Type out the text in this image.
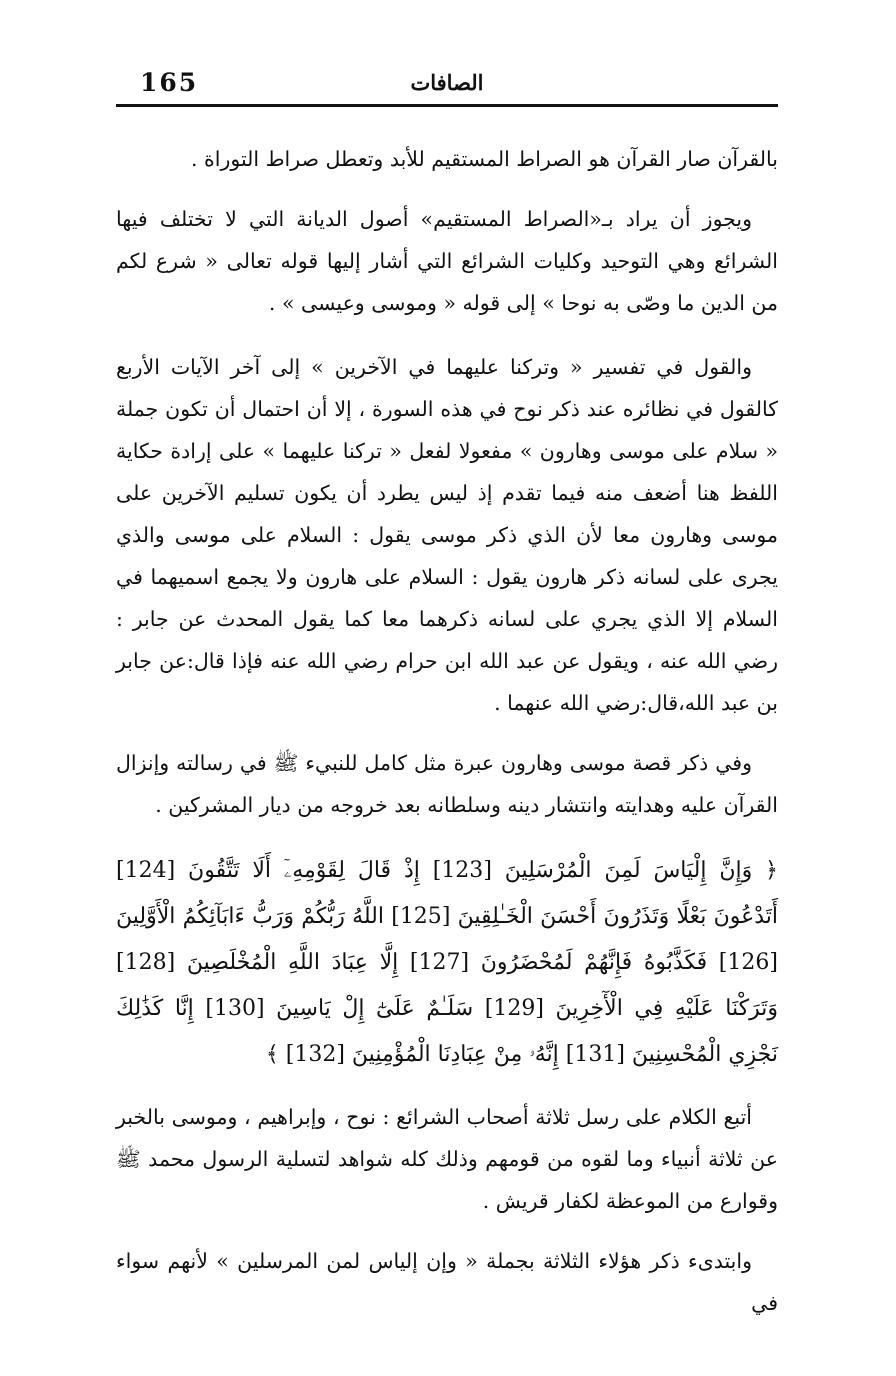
165	الصافات

بالقرآن صار القرآن هو الصراط المستقيم للأبد وتعطل صراط التوراة .

ويجوز أن يراد بـ«الصراط المستقيم» أصول الديانة التي لا تختلف فيها الشرائع وهي التوحيد وكليات الشرائع التي أشار إليها قوله تعالى « شرع لكم من الدين ما وصّى به نوحا » إلى قوله « وموسى وعيسى » .

والقول في تفسير « وتركنا عليهما في الآخرين » إلى آخر الآيات الأربع كالقول في نظائره عند ذكر نوح في هذه السورة ، إلا أن احتمال أن تكون جملة « سلام على موسى وهارون » مفعولا لفعل « تركنا عليهما » على إرادة حكاية اللفظ هنا أضعف منه فيما تقدم إذ ليس يطرد أن يكون تسليم الآخرين على موسى وهارون معا لأن الذي ذكر موسى يقول : السلام على موسى والذي يجرى على لسانه ذكر هارون يقول : السلام على هارون ولا يجمع اسميهما في السلام إلا الذي يجري على لسانه ذكرهما معا كما يقول المحدث عن جابر : رضي الله عنه ، ويقول عن عبد الله ابن حرام رضي الله عنه فإذا قال:عن جابر بن عبد الله،قال:رضي الله عنهما .

وفي ذكر قصة موسى وهارون عبرة مثل كامل للنبيء ﷺ في رسالته وإنزال القرآن عليه وهدايته وانتشار دينه وسلطانه بعد خروجه من ديار المشركين .

﴿ وَإِنَّ إِلْيَاسَ لَمِنَ الْمُرْسَلِينَ [123] إِذْ قَالَ لِقَوْمِهِۦٓ أَلَا تَتَّقُونَ [124] أَتَدْعُونَ بَعْلًا وَتَذَرُونَ أَحْسَنَ الْخَـٰلِقِينَ [125] اللَّهُ رَبُّكُمْ وَرَبُّ ءَابَآئِكُمُ الْأَوَّلِينَ [126] فَكَذَّبُوهُ فَإِنَّهُمْ لَمُحْضَرُونَ [127] إِلَّا عِبَادَ اللَّهِ الْمُخْلَصِينَ [128] وَتَرَكْنَا عَلَيْهِ فِي الْأٓخِرِينَ [129] سَلَـٰمٌ عَلَىٰٓ إِلْ يَاسِينَ [130] إِنَّا كَذَٰلِكَ نَجْزِي الْمُحْسِنِينَ [131] إِنَّهُۥ مِنْ عِبَادِنَا الْمُؤْمِنِينَ [132] ﴾

أتبع الكلام على رسل ثلاثة أصحاب الشرائع : نوح ، وإبراهيم ، وموسى بالخبر عن ثلاثة أنبياء وما لقوه من قومهم وذلك كله شواهد لتسلية الرسول محمد ﷺ وقوارع من الموعظة لكفار قريش .

وابتدىء ذكر هؤلاء الثلاثة بجملة « وإن إلياس لمن المرسلين » لأنهم سواء في
